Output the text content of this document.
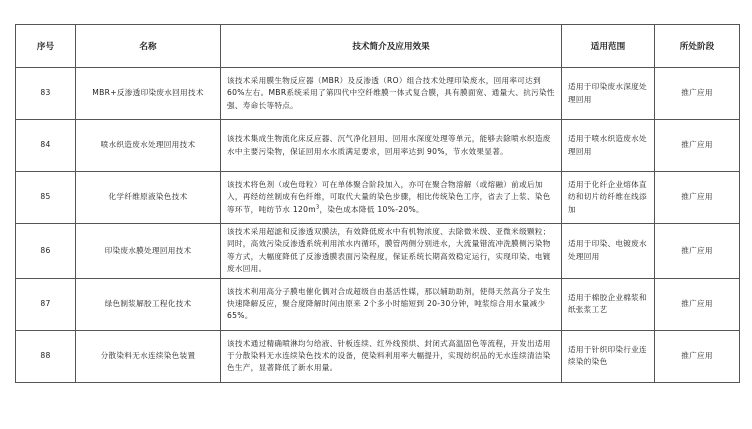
序号	名称	技术简介及应用效果	适用范围	所处阶段
83	MBR+反渗透印染废水回用技术	该技术采用膜生物反应器（MBR）及反渗透（RO）组合技术处理印染废水，回用率可达到 60%左右。MBR系统采用了第四代中空纤维膜一体式复合膜，具有膜面宽、通量大、抗污染性强、寿命长等特点。	适用于印染废水深度处理回用	推广应用
84	喷水织造废水处理回用技术	该技术集成生物流化床反应器、沉气净化回用、回用水深度处理等单元，能够去除喷水织造废水中主要污染物，保证回用水水质满足要求，回用率达到 90%，节水效果显著。	适用于喷水织造废水处理回用	推广应用
85	化学纤维原液染色技术	该技术将色剂（或色母粒）可在单体聚合阶段加入，亦可在聚合物溶解（或熔融）前或后加入，再经纺丝制成有色纤维，可取代大量的染色步骤，相比传统染色工序，省去了上浆、染色等环节，吨纺节水 $120m^3$，染色成本降低 10%-20%。	适用于化纤企业熔体直纺和切片纺纤维在线添加	推广应用
86	印染废水膜处理回用技术	该技术采用超滤和反渗透双膜法，有效降低废水中有机物浓度、去除微米级、亚微米级颗粒；同时，高效污染反渗透系统利用浓水内循环，膜管两侧分别进水，大流量错流冲洗膜侧污染物等方式，大幅度降低了反渗透膜表面污染程度，保证系统长期高效稳定运行，实现印染、电镀废水回用。	适用于印染、电镀废水处理回用	推广应用
87	绿色制浆解胶工程化技术	该技术利用高分子膜电催化偶对合成超级自由基活性媒，那以辅助助剂，使得天然高分子发生快速降解反应，聚合度降解时间由原来 2个多小时缩短到 20-30分钟，吨浆综合用水量减少 65%。	适用于棉胶企业棉浆和纸张浆工艺	推广应用
88	分散染料无水连续染色装置	该技术通过精确喷淋均匀给液、针板连续、红外线预烘、封闭式高温固色等流程，开发出适用于分散染料无水连续染色技术的设备，使染料利用率大幅提升，实现纺织品的无水连续清洁染色生产，显著降低了新水用量。	适用于针织印染行业连续染的染色	推广应用
